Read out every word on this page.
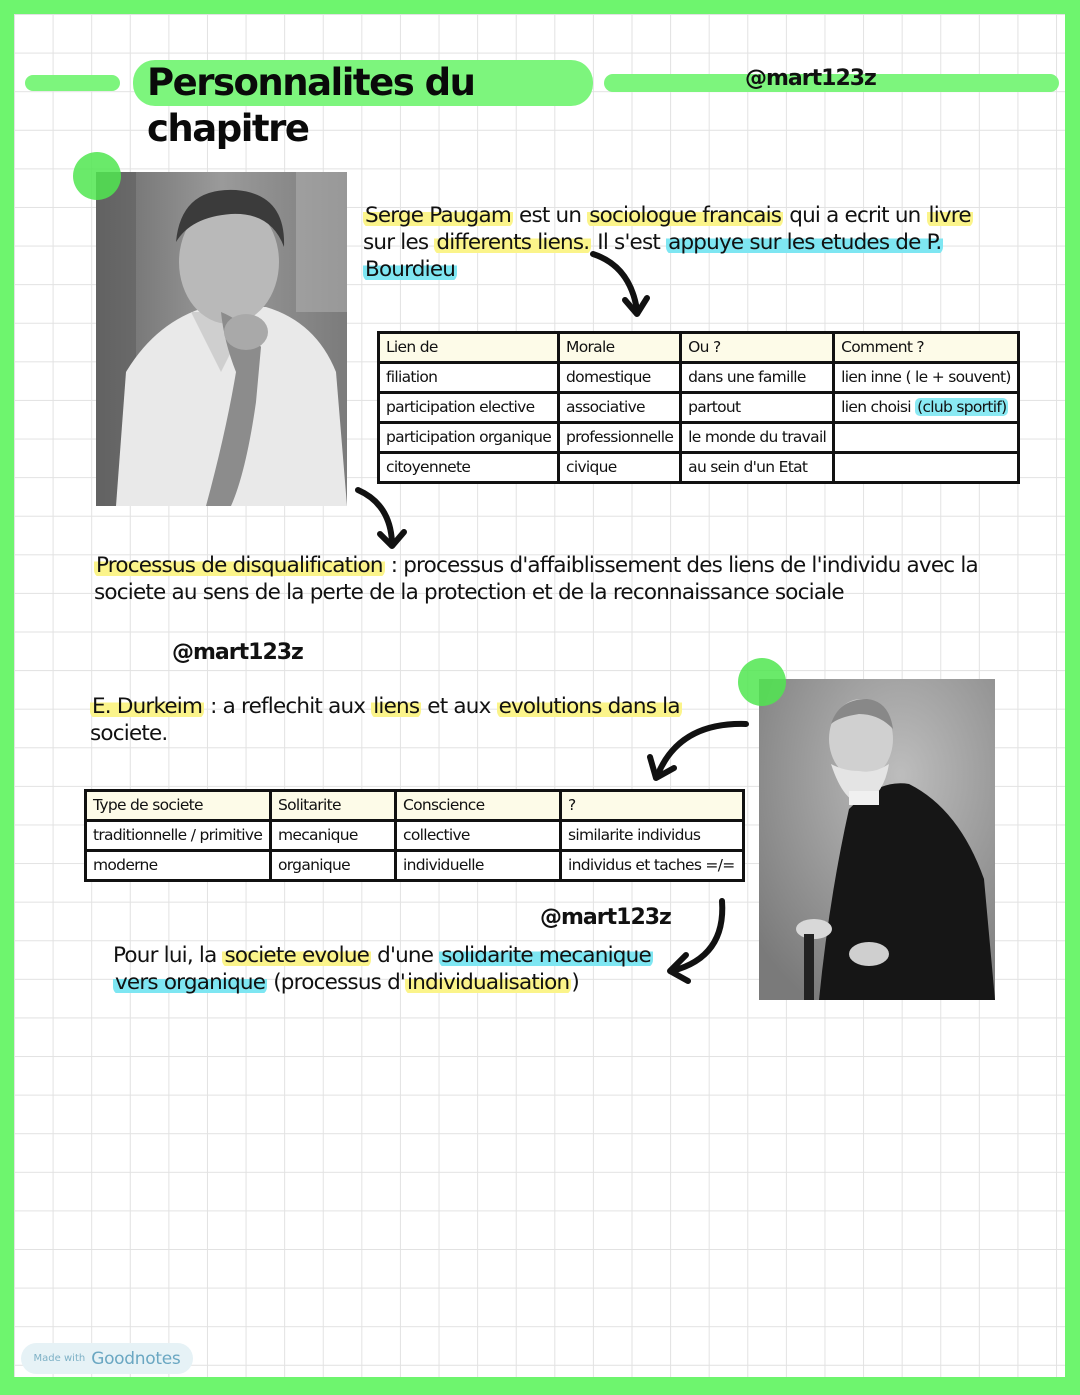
Personnalites du chapitre
@mart123z
Serge Paugam est un sociologue francais qui a ecrit un livre
sur les differents liens. Il s'est appuye sur les etudes de P.
Bourdieu
Lien de	Morale	Ou ?	Comment ?
filiation	domestique	dans une famille	lien inne ( le + souvent)
participation elective	associative	partout	lien choisi (club sportif)
participation organique	professionnelle	le monde du travail	
citoyennete	civique	au sein d'un Etat	
Processus de disqualification : processus d'affaiblissement des liens de l'individu avec la
societe au sens de la perte de la protection et de la reconnaissance sociale
@mart123z
E. Durkeim : a reflechit aux liens et aux evolutions dans la
societe.
Type de societe	Solitarite	Conscience	?
traditionnelle / primitive	mecanique	collective	similarite individus
moderne	organique	individuelle	individus et taches =/=
@mart123z
Pour lui, la societe evolue d'une solidarite mecanique
vers organique (processus d'individualisation)
Made with Goodnotes
